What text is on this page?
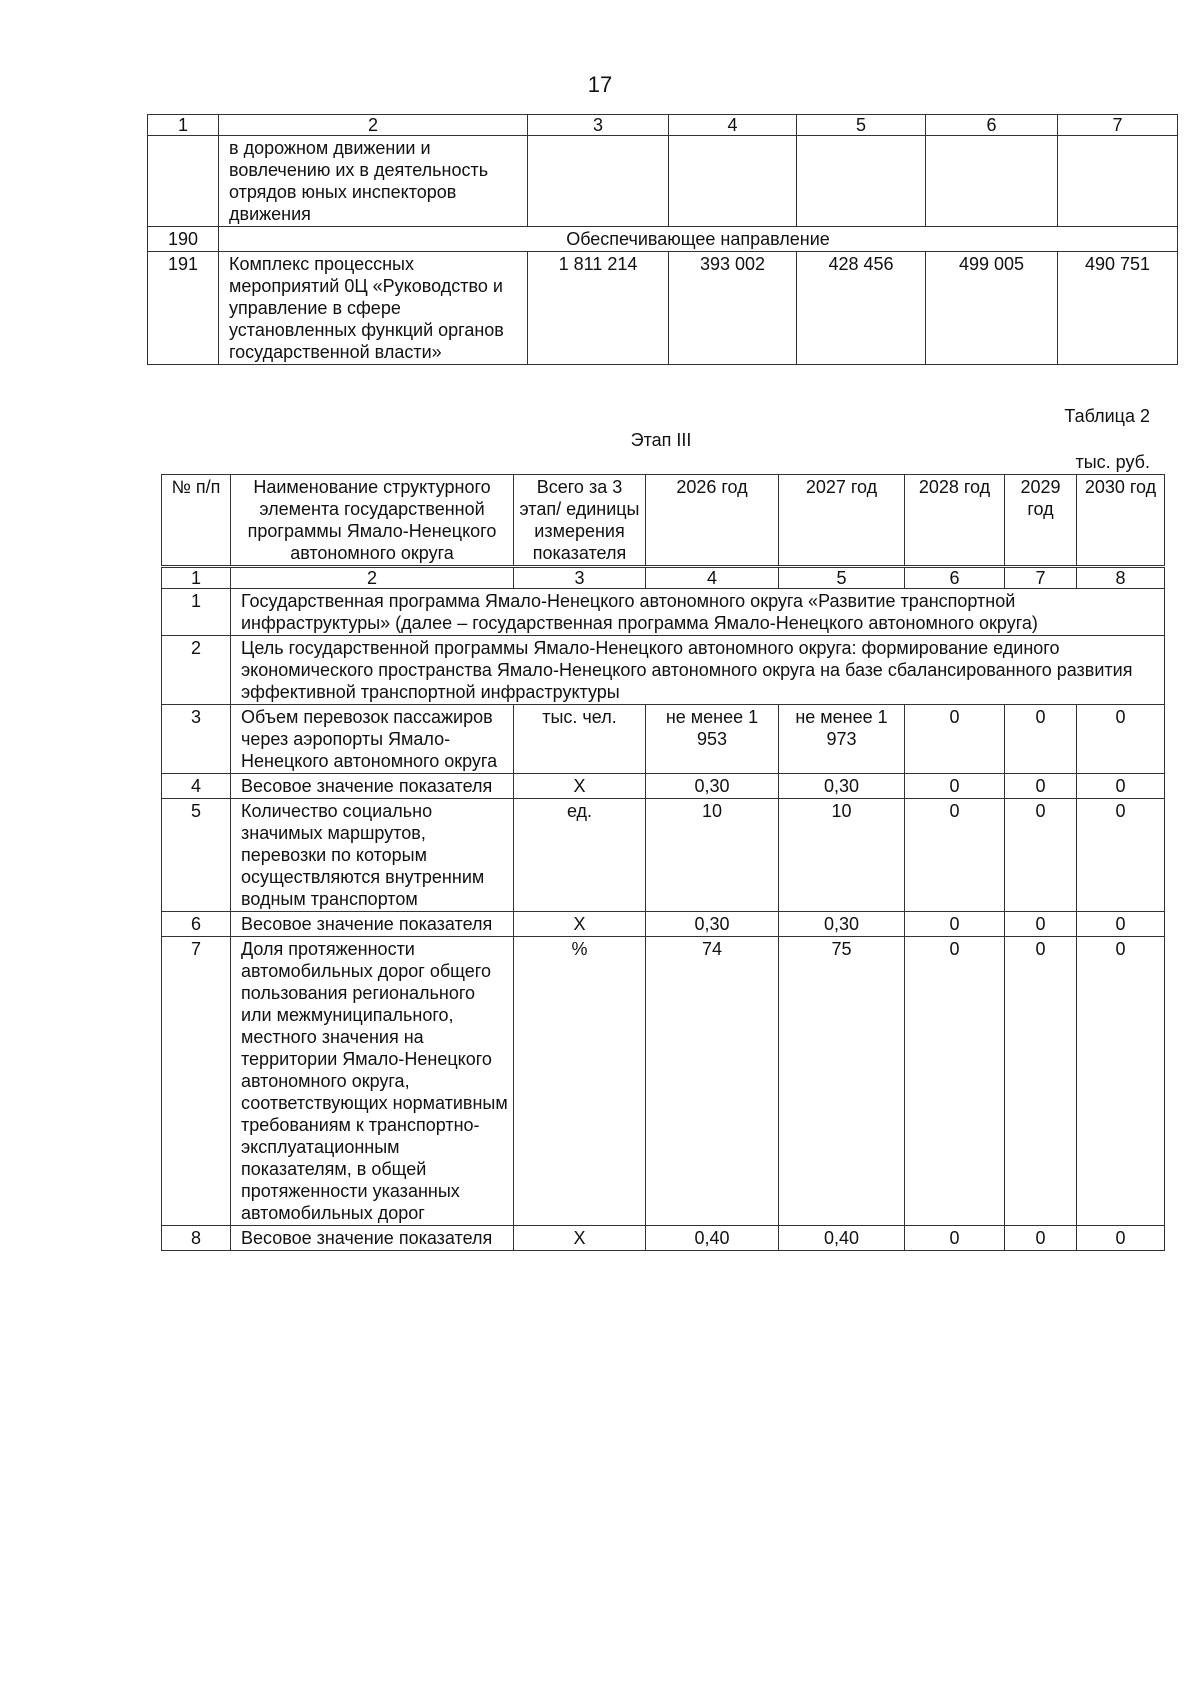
17
1	2	3	4	5	6	7
	в дорожном движении и вовлечению их в деятельность отрядов юных инспекторов движения					
190	Обеспечивающее направление					
191	Комплекс процессных мероприятий 0Ц «Руководство и управление в сфере установленных функций органов государственной власти»	1 811 214	393 002	428 456	499 005	490 751
Таблица 2
Этап III
тыс. руб.
№ п/п	Наименование структурного элемента государственной программы Ямало-Ненецкого автономного округа	Всего за 3 этап/ единицы измерения показателя	2026 год	2027 год	2028 год	2029 год	2030 год
1	2	3	4	5	6	7	8
1	Государственная программа Ямало-Ненецкого автономного округа «Развитие транспортной инфраструктуры» (далее – государственная программа Ямало-Ненецкого автономного округа)						
2	Цель государственной программы Ямало-Ненецкого автономного округа: формирование единого экономического пространства Ямало-Ненецкого автономного округа на базе сбалансированного развития эффективной транспортной инфраструктуры						
3	Объем перевозок пассажиров через аэропорты Ямало-Ненецкого автономного округа	тыс. чел.	не менее 1 953	не менее 1 973	0	0	0
4	Весовое значение показателя	X	0,30	0,30	0	0	0
5	Количество социально значимых маршрутов, перевозки по которым осуществляются внутренним водным транспортом	ед.	10	10	0	0	0
6	Весовое значение показателя	X	0,30	0,30	0	0	0
7	Доля протяженности автомобильных дорог общего пользования регионального или межмуниципального, местного значения на территории Ямало-Ненецкого автономного округа, соответствующих нормативным требованиям к транспортно-эксплуатационным показателям, в общей протяженности указанных автомобильных дорог	%	74	75	0	0	0
8	Весовое значение показателя	X	0,40	0,40	0	0	0
